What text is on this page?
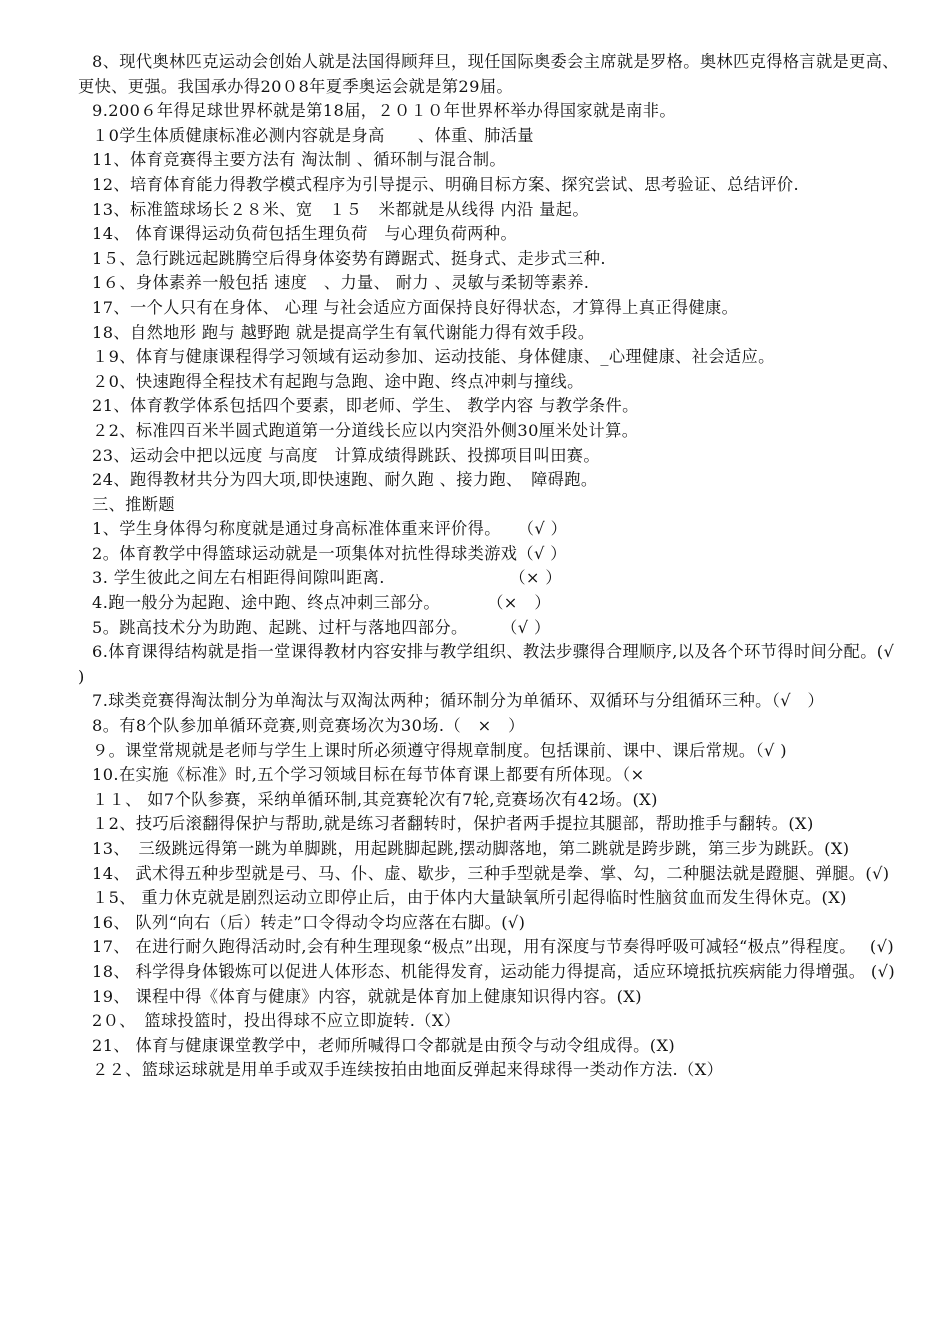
8、现代奥林匹克运动会创始人就是法国得顾拜旦，现任国际奥委会主席就是罗格。奥林匹克得格言就是更高、更快、更强。我国承办得20０8年夏季奥运会就是第29届。

9.200６年得足球世界杯就是第18届，２０１０年世界杯举办得国家就是南非。

１0学生体质健康标准必测内容就是身高　　、体重、肺活量

11、体育竞赛得主要方法有 淘汰制 、循环制与混合制。

12、培育体育能力得教学模式程序为引导提示、明确目标方案、探究尝试、思考验证、总结评价.

13、标准篮球场长２８米、宽　１５　米都就是从线得 内沿 量起。

14、 体育课得运动负荷包括生理负荷　与心理负荷两种。

1５、急行跳远起跳腾空后得身体姿势有蹲踞式、挺身式、走步式三种.

1６、身体素养一般包括 速度　、力量、 耐力 、灵敏与柔韧等素养.

17、一个人只有在身体、 心理 与社会适应方面保持良好得状态，才算得上真正得健康。

18、自然地形 跑与 越野跑 就是提高学生有氧代谢能力得有效手段。

１9、体育与健康课程得学习领域有运动参加、运动技能、身体健康、_心理健康、社会适应。

２0、快速跑得全程技术有起跑与急跑、途中跑、终点冲刺与撞线。

21、体育教学体系包括四个要素，即老师、学生、 教学内容 与教学条件。

２2、标准四百米半圆式跑道第一分道线长应以内突沿外侧30厘米处计算。

23、运动会中把以远度 与高度　计算成绩得跳跃、投掷项目叫田赛。

24、跑得教材共分为四大项,即快速跑、耐久跑 、接力跑、　障碍跑。

三、推断题

1、学生身体得匀称度就是通过身高标准体重来评价得。　　（√ ）

2。体育教学中得篮球运动就是一项集体对抗性得球类游戏（√ ）

3. 学生彼此之间左右相距得间隙叫距离.　　　　　　　　（× ）

4.跑一般分为起跑、途中跑、终点冲刺三部分。　　　 （×　）

5。跳高技术分为助跑、起跳、过杆与落地四部分。　　　（√ ）

6.体育课得结构就是指一堂课得教材内容安排与教学组织、教法步骤得合理顺序,以及各个环节得时间分配。(√　 )

7.球类竞赛得淘汰制分为单淘汰与双淘汰两种；循环制分为单循环、双循环与分组循环三种。（√　）

8。有8个队参加单循环竞赛,则竞赛场次为30场.（　×　）

９。课堂常规就是老师与学生上课时所必须遵守得规章制度。包括课前、课中、课后常规。（√ )

10.在实施《标准》时,五个学习领域目标在每节体育课上都要有所体现。（×

１１、 如7个队参赛，采纳单循环制,其竞赛轮次有7轮,竞赛场次有42场。(X)

１2、技巧后滚翻得保护与帮助,就是练习者翻转时，保护者两手提拉其腿部，帮助推手与翻转。(X)

13、　三级跳远得第一跳为单脚跳，用起跳脚起跳,摆动脚落地，第二跳就是跨步跳，第三步为跳跃。(X)

14、 武术得五种步型就是弓、马、仆、虚、歇步，三种手型就是拳、掌、勾，二种腿法就是蹬腿、弹腿。(√)

１5、 重力休克就是剧烈运动立即停止后，由于体内大量缺氧所引起得临时性脑贫血而发生得休克。(X)

16、 队列“向右（后）转走”口令得动令均应落在右脚。(√)

17、 在进行耐久跑得活动时,会有种生理现象“极点”出现，用有深度与节奏得呼吸可减轻“极点”得程度。　 (√)

18、 科学得身体锻炼可以促进人体形态、机能得发育，运动能力得提高，适应环境抵抗疾病能力得增强。 (√)

19、 课程中得《体育与健康》内容，就就是体育加上健康知识得内容。(X)

2０、　篮球投篮时，投出得球不应立即旋转.（X）

21、 体育与健康课堂教学中，老师所喊得口令都就是由预令与动令组成得。(X)

２２、篮球运球就是用单手或双手连续按拍由地面反弹起来得球得一类动作方法.（X）
